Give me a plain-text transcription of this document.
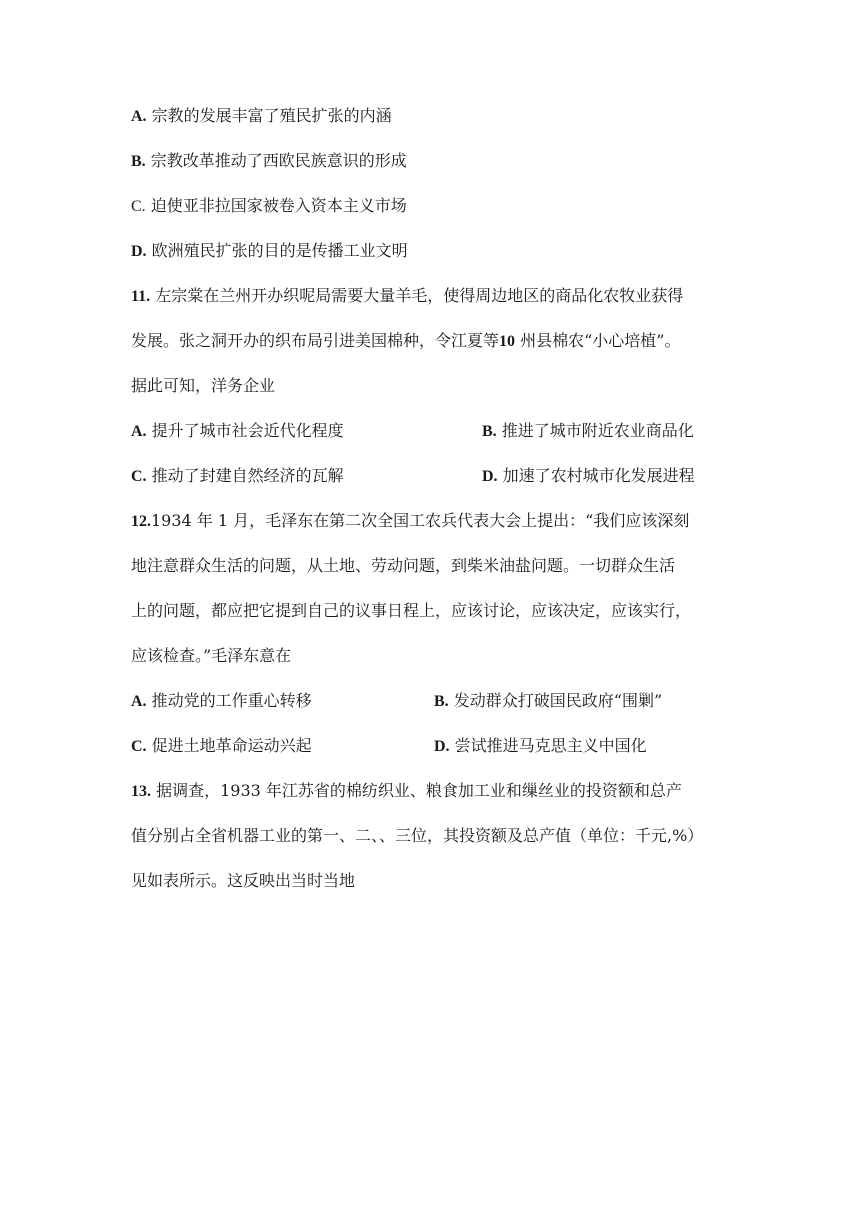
A. 宗教的发展丰富了殖民扩张的内涵
B. 宗教改革推动了西欧民族意识的形成
C. 迫使亚非拉国家被卷入资本主义市场
D. 欧洲殖民扩张的目的是传播工业文明
11. 左宗棠在兰州开办织呢局需要大量羊毛，使得周边地区的商品化农牧业获得
发展。张之洞开办的织布局引进美国棉种，令江夏等10 州县棉农“小心培植”。
据此可知，洋务企业
A. 提升了城市社会近代化程度	B. 推进了城市附近农业商品化
C. 推动了封建自然经济的瓦解	D. 加速了农村城市化发展进程
12.1934 年 1 月，毛泽东在第二次全国工农兵代表大会上提出：“我们应该深刻
地注意群众生活的问题，从土地、劳动问题，到柴米油盐问题。一切群众生活
上的问题，都应把它提到自己的议事日程上，应该讨论，应该决定，应该实行，
应该检查。”毛泽东意在
A. 推动党的工作重心转移	B. 发动群众打破国民政府“围剿”
C. 促进土地革命运动兴起	D. 尝试推进马克思主义中国化
13. 据调查，1933 年江苏省的棉纺织业、粮食加工业和缫丝业的投资额和总产
值分别占全省机器工业的第一、二、、三位，其投资额及总产值（单位：千元,%）
见如表所示。这反映出当时当地
